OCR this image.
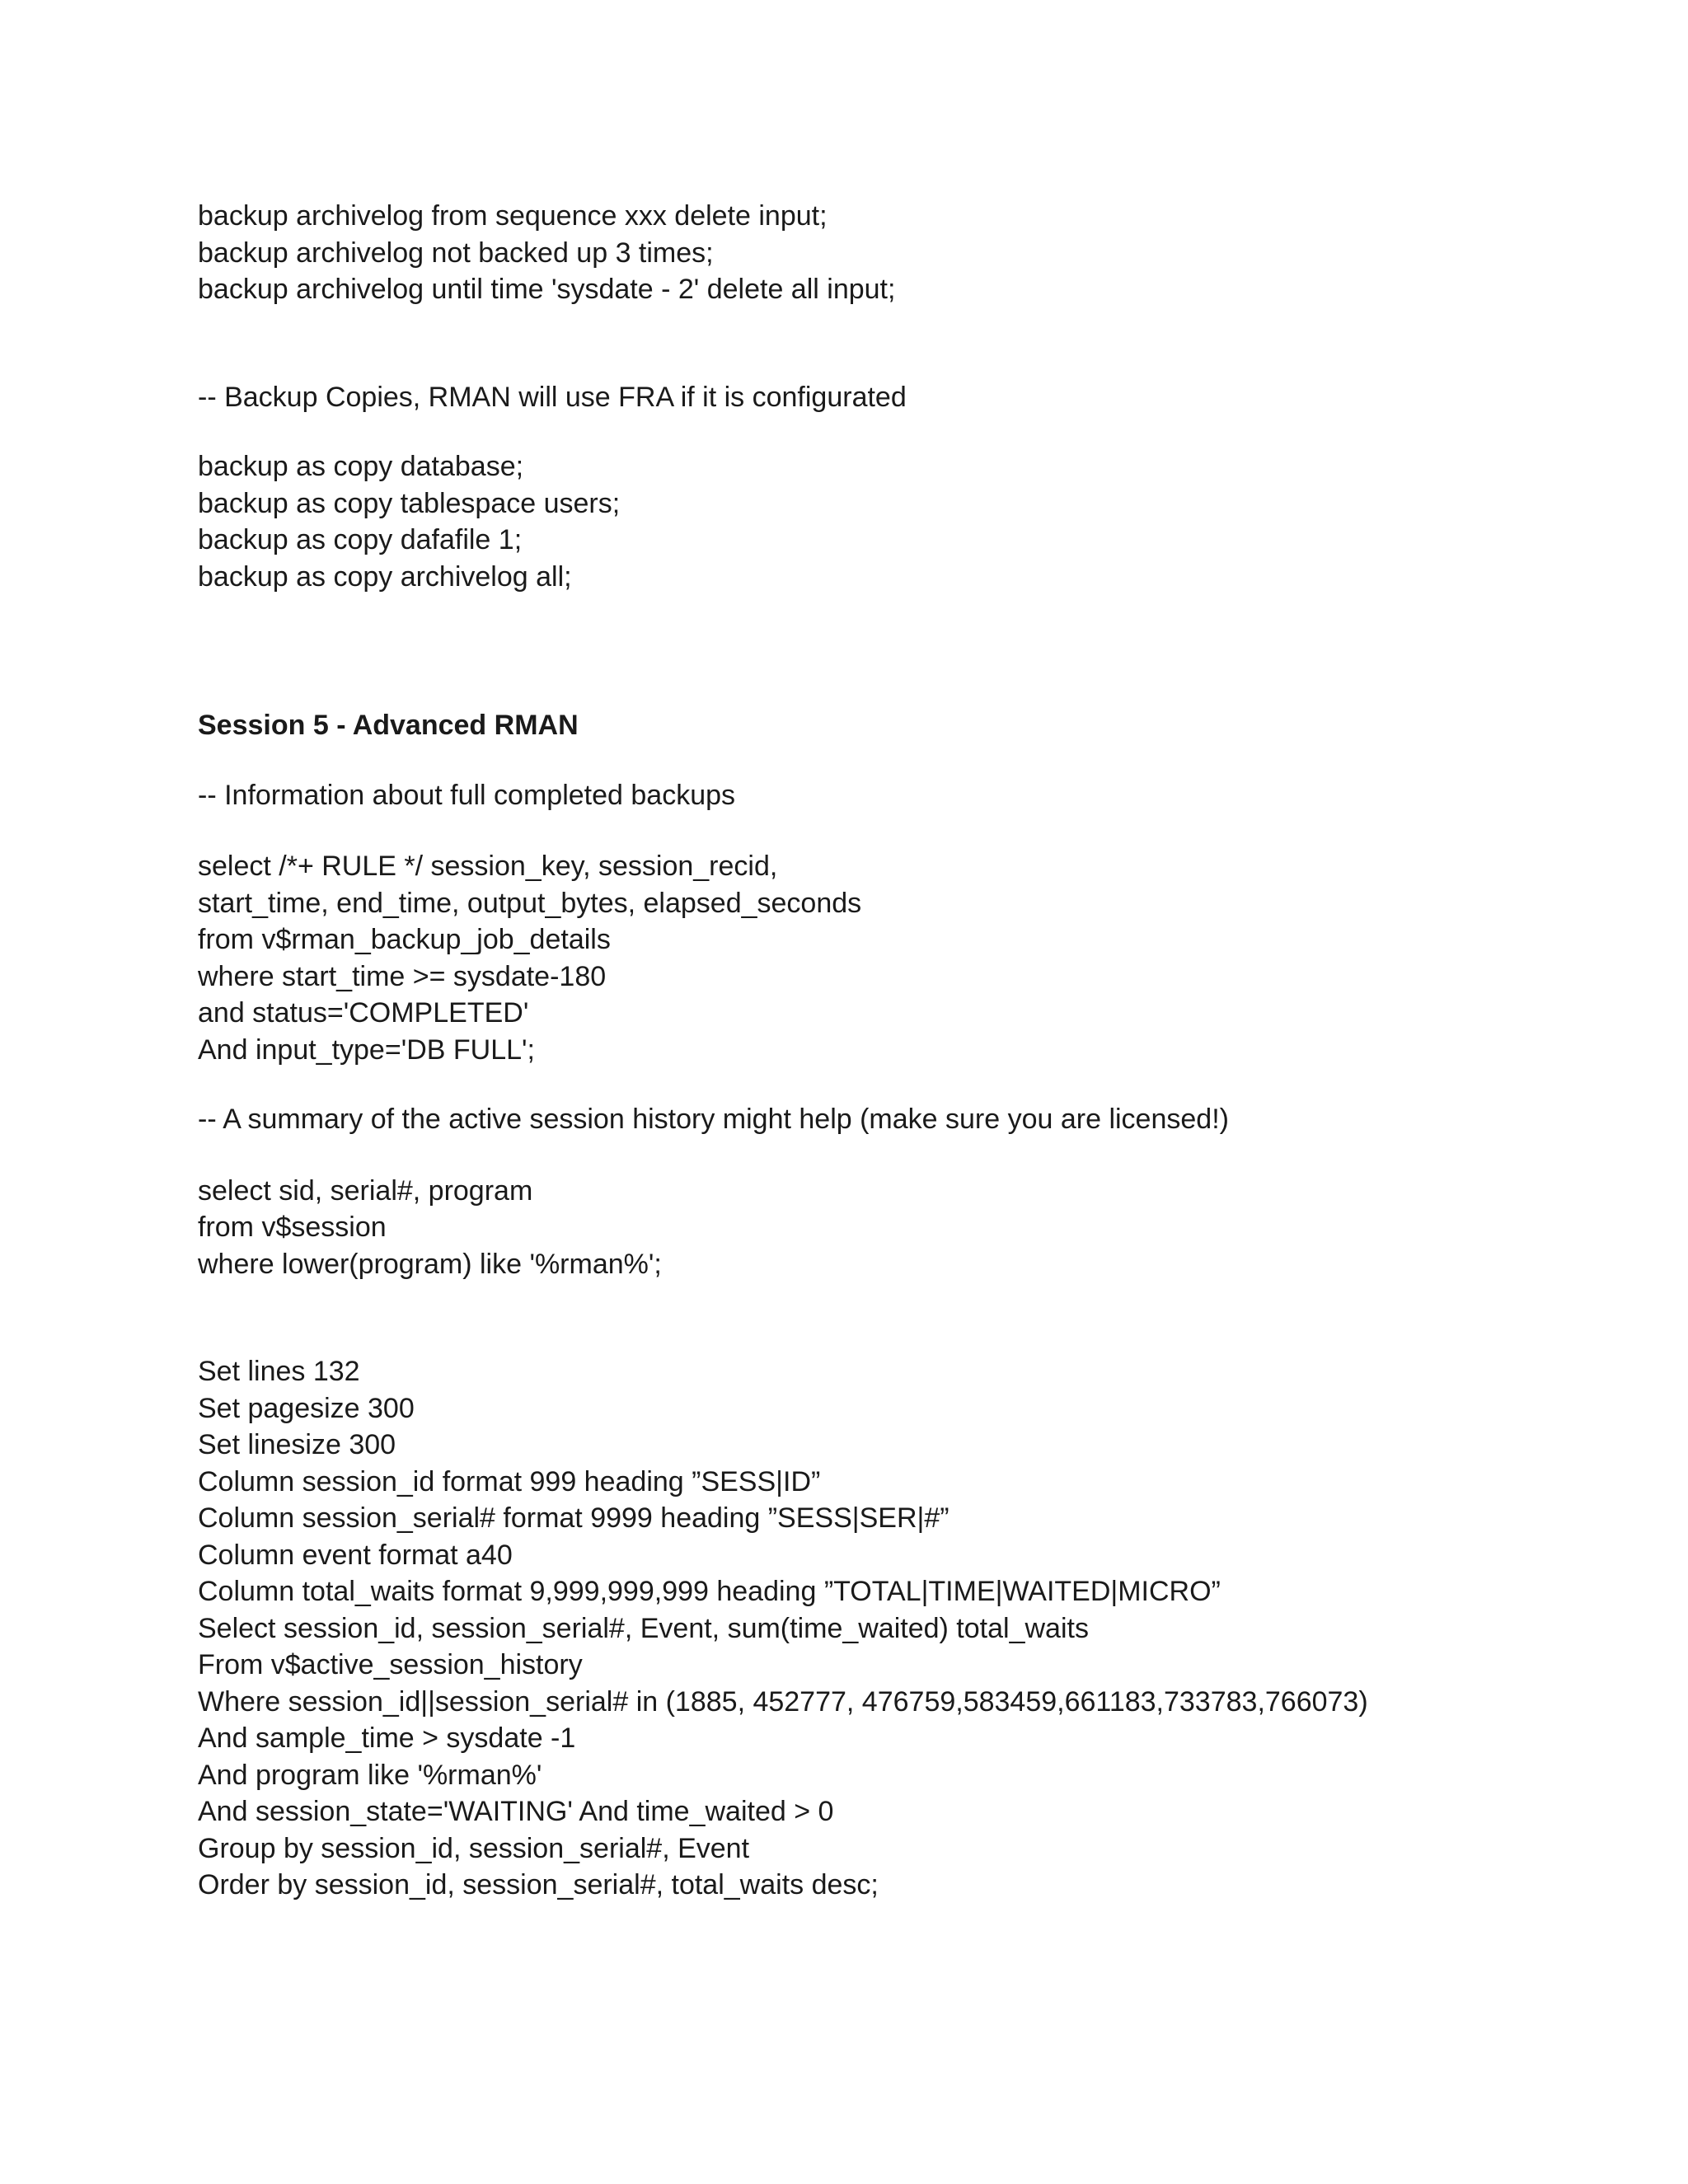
backup archivelog from sequence xxx delete input;

backup archivelog not backed up 3 times;

backup archivelog until time 'sysdate - 2' delete all input;

-- Backup Copies, RMAN will use FRA if it is configurated

backup as copy database;

backup as copy tablespace users;

backup as copy dafafile 1;

backup as copy archivelog all;

Session 5 - Advanced RMAN

-- Information about full completed backups

select /*+ RULE */ session_key, session_recid,

start_time, end_time, output_bytes, elapsed_seconds

from v$rman_backup_job_details

where start_time >= sysdate-180

and status='COMPLETED'

And input_type='DB FULL';

-- A summary of the active session history might help (make sure you are licensed!)

select sid, serial#, program

from v$session

where lower(program) like '%rman%';

Set lines 132

Set pagesize 300

Set linesize 300

Column session_id format 999 heading ”SESS|ID”

Column session_serial# format 9999 heading ”SESS|SER|#”

Column event format a40

Column total_waits format 9,999,999,999 heading ”TOTAL|TIME|WAITED|MICRO”

Select session_id, session_serial#, Event, sum(time_waited) total_waits

From v$active_session_history

Where session_id||session_serial# in (1885, 452777, 476759,583459,661183,733783,766073)

And sample_time > sysdate -1

And program like '%rman%'

And session_state='WAITING' And time_waited > 0

Group by session_id, session_serial#, Event

Order by session_id, session_serial#, total_waits desc;
